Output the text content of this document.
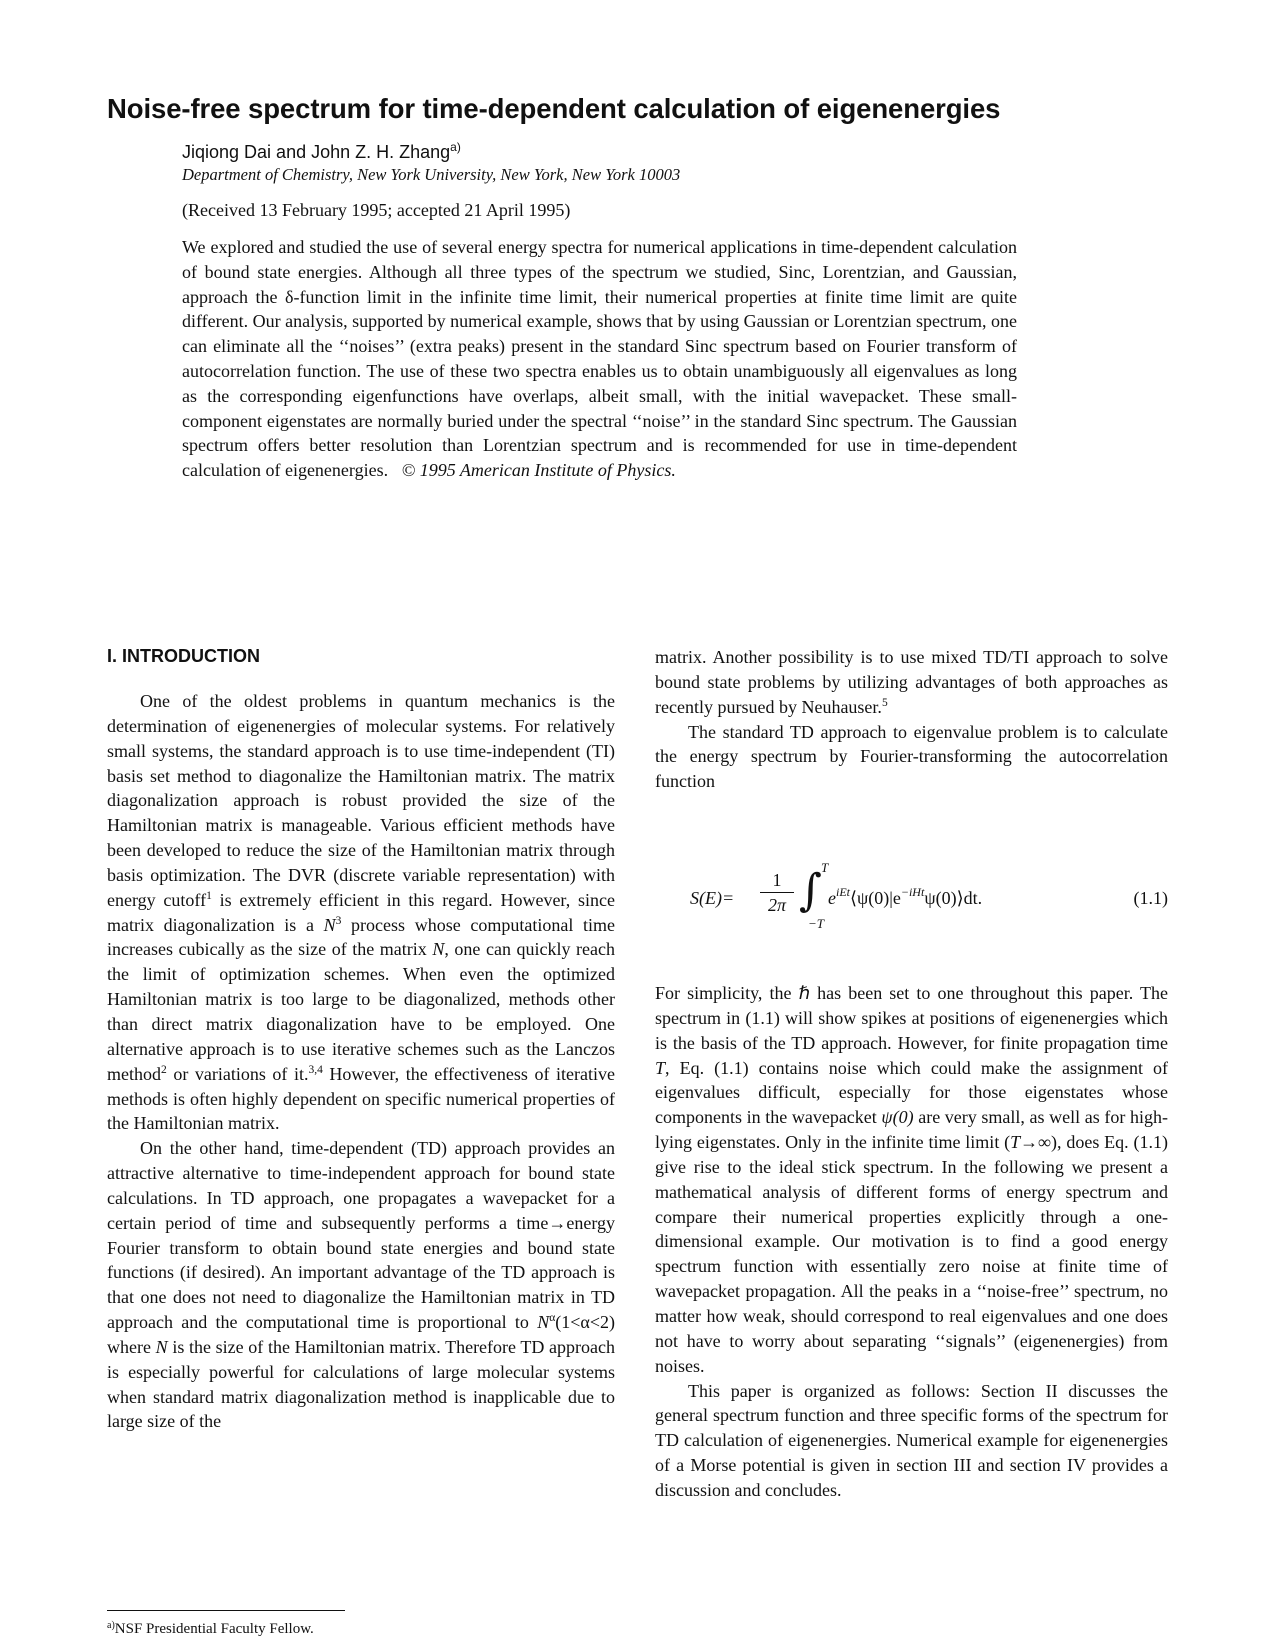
Noise-free spectrum for time-dependent calculation of eigenenergies
Jiqiong Dai and John Z. H. Zhang$^{a)}$
Department of Chemistry, New York University, New York, New York 10003
(Received 13 February 1995; accepted 21 April 1995)

We explored and studied the use of several energy spectra for numerical applications in time-dependent calculation of bound state energies. Although all three types of the spectrum we studied, Sinc, Lorentzian, and Gaussian, approach the δ-function limit in the infinite time limit, their numerical properties at finite time limit are quite different. Our analysis, supported by numerical example, shows that by using Gaussian or Lorentzian spectrum, one can eliminate all the ‘‘noises’’ (extra peaks) present in the standard Sinc spectrum based on Fourier transform of autocorrelation function. The use of these two spectra enables us to obtain unambiguously all eigenvalues as long as the corresponding eigenfunctions have overlaps, albeit small, with the initial wavepacket. These small-component eigenstates are normally buried under the spectral ‘‘noise’’ in the standard Sinc spectrum. The Gaussian spectrum offers better resolution than Lorentzian spectrum and is recommended for use in time-dependent calculation of eigenenergies. © 1995 American Institute of Physics.

I. INTRODUCTION

One of the oldest problems in quantum mechanics is the determination of eigenenergies of molecular systems. For relatively small systems, the standard approach is to use time-independent (TI) basis set method to diagonalize the Hamiltonian matrix. The matrix diagonalization approach is robust provided the size of the Hamiltonian matrix is manageable. Various efficient methods have been developed to reduce the size of the Hamiltonian matrix through basis optimization. The DVR (discrete variable representation) with energy cutoff$^1$ is extremely efficient in this regard. However, since matrix diagonalization is a $N^3$ process whose computational time increases cubically as the size of the matrix N, one can quickly reach the limit of optimization schemes. When even the optimized Hamiltonian matrix is too large to be diagonalized, methods other than direct matrix diagonalization have to be employed. One alternative approach is to use iterative schemes such as the Lanczos method$^2$ or variations of it.$^{3,4}$ However, the effectiveness of iterative methods is often highly dependent on specific numerical properties of the Hamiltonian matrix.

On the other hand, time-dependent (TD) approach provides an attractive alternative to time-independent approach for bound state calculations. In TD approach, one propagates a wavepacket for a certain period of time and subsequently performs a time→energy Fourier transform to obtain bound state energies and bound state functions (if desired). An important advantage of the TD approach is that one does not need to diagonalize the Hamiltonian matrix in TD approach and the computational time is proportional to $N^\alpha(1<\alpha<2)$ where N is the size of the Hamiltonian matrix. Therefore TD approach is especially powerful for calculations of large molecular systems when standard matrix diagonalization method is inapplicable due to large size of the

matrix. Another possibility is to use mixed TD/TI approach to solve bound state problems by utilizing advantages of both approaches as recently pursued by Neuhauser.$^5$

The standard TD approach to eigenvalue problem is to calculate the energy spectrum by Fourier-transforming the autocorrelation function

S(E)=
1
2π ∫ T
−T
$e^{iEt}⟨\psi(0)|e^{-iHt}\psi(0)⟩dt$.	(1.1)

For simplicity, the ℏ has been set to one throughout this paper. The spectrum in (1.1) will show spikes at positions of eigenenergies which is the basis of the TD approach. However, for finite propagation time T, Eq. (1.1) contains noise which could make the assignment of eigenvalues difficult, especially for those eigenstates whose components in the wavepacket ψ(0) are very small, as well as for high-lying eigenstates. Only in the infinite time limit (T→∞), does Eq. (1.1) give rise to the ideal stick spectrum. In the following we present a mathematical analysis of different forms of energy spectrum and compare their numerical properties explicitly through a one-dimensional example. Our motivation is to find a good energy spectrum function with essentially zero noise at finite time of wavepacket propagation. All the peaks in a ‘‘noise-free’’ spectrum, no matter how weak, should correspond to real eigenvalues and one does not have to worry about separating ‘‘signals’’ (eigenenergies) from noises.

This paper is organized as follows: Section II discusses the general spectrum function and three specific forms of the spectrum for TD calculation of eigenenergies. Numerical example for eigenenergies of a Morse potential is given in section III and section IV provides a discussion and concludes.

$^{a)}$NSF Presidential Faculty Fellow.
